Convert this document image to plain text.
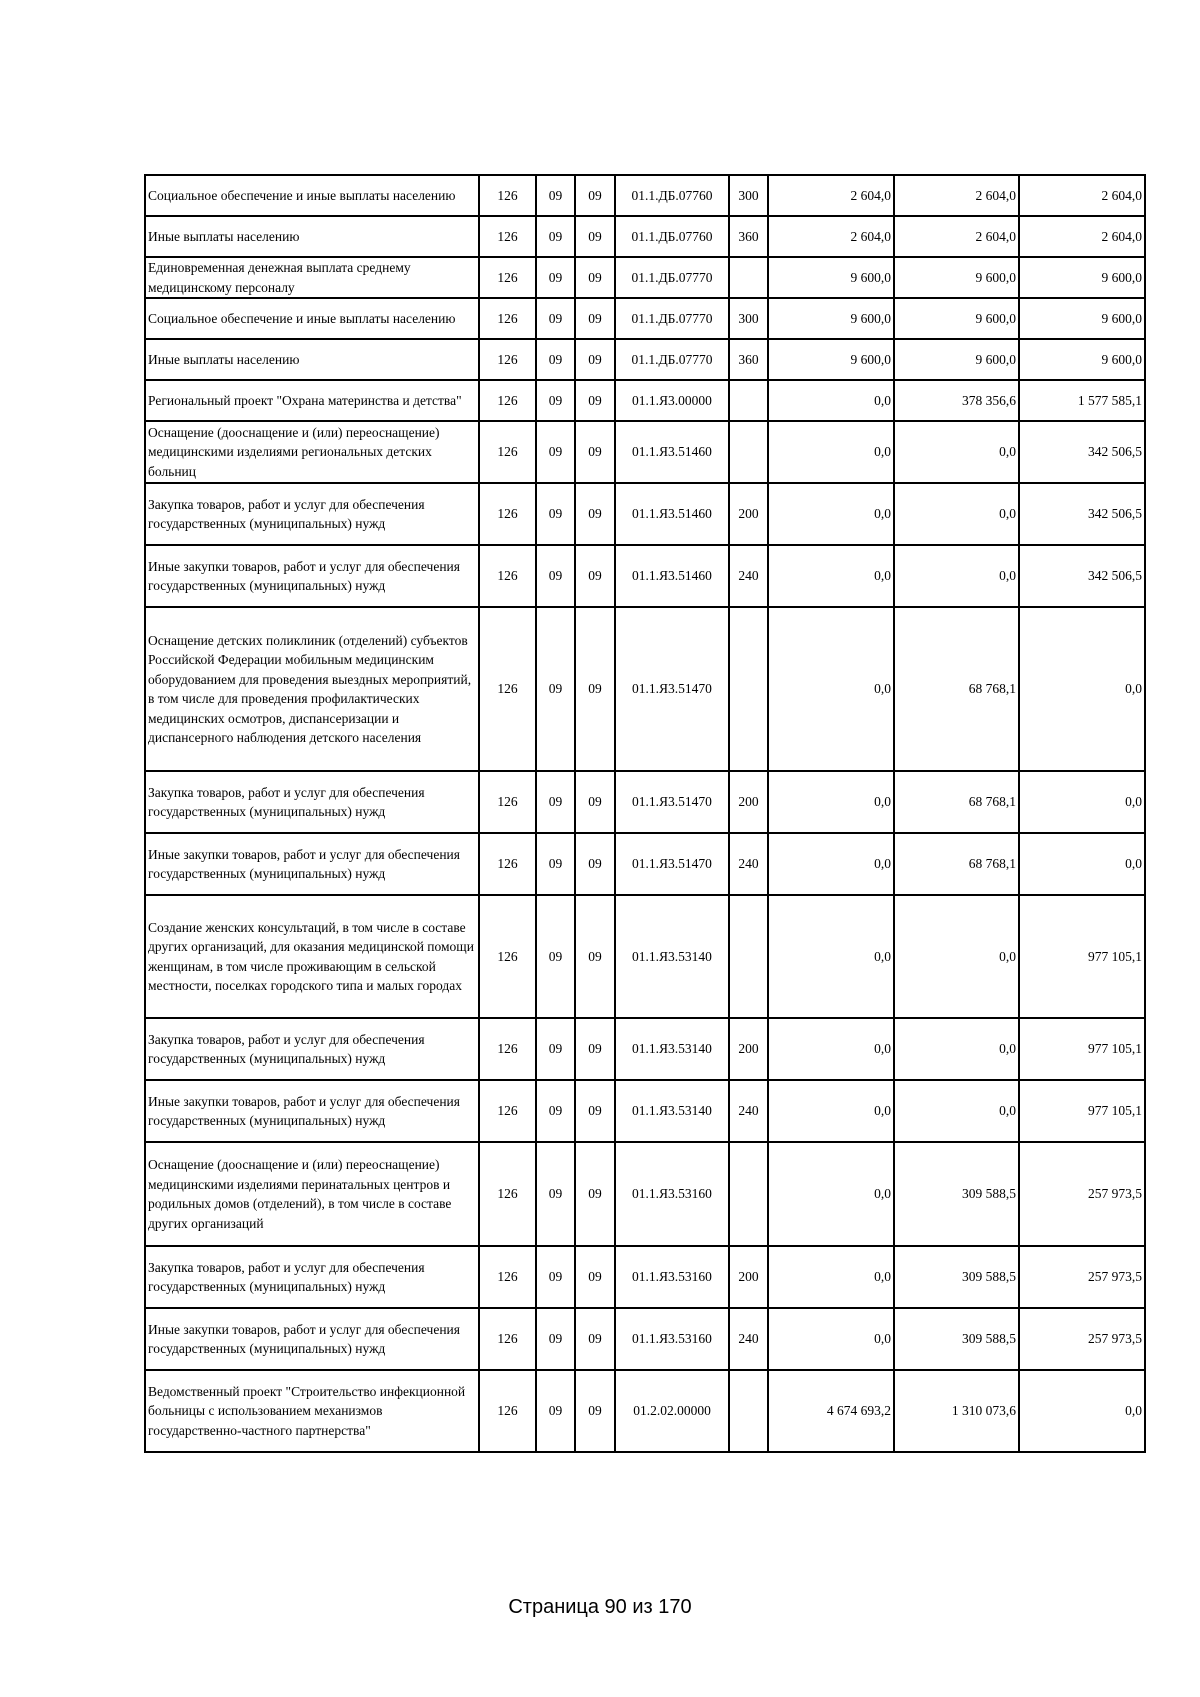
Социальное обеспечение и иные выплаты населению	126	09	09	01.1.ДБ.07760	300	2 604,0	2 604,0	2 604,0
Иные выплаты населению	126	09	09	01.1.ДБ.07760	360	2 604,0	2 604,0	2 604,0
Единовременная денежная выплата среднему медицинскому персоналу	126	09	09	01.1.ДБ.07770		9 600,0	9 600,0	9 600,0
Социальное обеспечение и иные выплаты населению	126	09	09	01.1.ДБ.07770	300	9 600,0	9 600,0	9 600,0
Иные выплаты населению	126	09	09	01.1.ДБ.07770	360	9 600,0	9 600,0	9 600,0
Региональный проект "Охрана материнства и детства"	126	09	09	01.1.Я3.00000		0,0	378 356,6	1 577 585,1
Оснащение (дооснащение и (или) переоснащение) медицинскими изделиями региональных детских больниц	126	09	09	01.1.Я3.51460		0,0	0,0	342 506,5
Закупка товаров, работ и услуг для обеспечения государственных (муниципальных) нужд	126	09	09	01.1.Я3.51460	200	0,0	0,0	342 506,5
Иные закупки товаров, работ и услуг для обеспечения государственных (муниципальных) нужд	126	09	09	01.1.Я3.51460	240	0,0	0,0	342 506,5
Оснащение детских поликлиник (отделений) субъектов Российской Федерации мобильным медицинским оборудованием для проведения выездных мероприятий, в том числе для проведения профилактических медицинских осмотров, диспансеризации и диспансерного наблюдения детского населения	126	09	09	01.1.Я3.51470		0,0	68 768,1	0,0
Закупка товаров, работ и услуг для обеспечения государственных (муниципальных) нужд	126	09	09	01.1.Я3.51470	200	0,0	68 768,1	0,0
Иные закупки товаров, работ и услуг для обеспечения государственных (муниципальных) нужд	126	09	09	01.1.Я3.51470	240	0,0	68 768,1	0,0
Создание женских консультаций, в том числе в составе других организаций, для оказания медицинской помощи женщинам, в том числе проживающим в сельской местности, поселках городского типа и малых городах	126	09	09	01.1.Я3.53140		0,0	0,0	977 105,1
Закупка товаров, работ и услуг для обеспечения государственных (муниципальных) нужд	126	09	09	01.1.Я3.53140	200	0,0	0,0	977 105,1
Иные закупки товаров, работ и услуг для обеспечения государственных (муниципальных) нужд	126	09	09	01.1.Я3.53140	240	0,0	0,0	977 105,1
Оснащение (дооснащение и (или) переоснащение) медицинскими изделиями перинатальных центров и родильных домов (отделений), в том числе в составе других организаций	126	09	09	01.1.Я3.53160		0,0	309 588,5	257 973,5
Закупка товаров, работ и услуг для обеспечения государственных (муниципальных) нужд	126	09	09	01.1.Я3.53160	200	0,0	309 588,5	257 973,5
Иные закупки товаров, работ и услуг для обеспечения государственных (муниципальных) нужд	126	09	09	01.1.Я3.53160	240	0,0	309 588,5	257 973,5
Ведомственный проект "Строительство инфекционной больницы с использованием механизмов государственно-частного партнерства"	126	09	09	01.2.02.00000		4 674 693,2	1 310 073,6	0,0
Страница 90 из 170
